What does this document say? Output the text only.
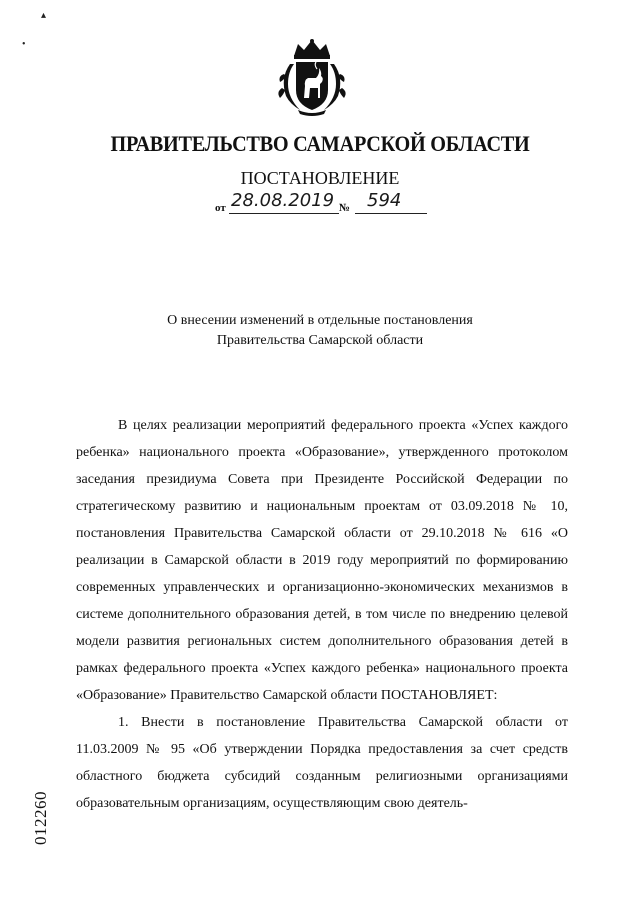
▴
•
ПРАВИТЕЛЬСТВО САМАРСКОЙ ОБЛАСТИ
ПОСТАНОВЛЕНИЕ
от 28.08.2019 № 594
О внесении изменений в отдельные постановления
Правительства Самарской области

В целях реализации мероприятий федерального проекта «Успех каждого ребенка» национального проекта «Образование», утвержденного протоколом заседания президиума Совета при Президенте Российской Федерации по стратегическому развитию и национальным проектам от 03.09.2018 № 10, постановления Правительства Самарской области от 29.10.2018 № 616 «О реализации в Самарской области в 2019 году мероприятий по формированию современных управленческих и организационно-экономических механизмов в системе дополнительного образования детей, в том числе по внедрению целевой модели развития региональных систем дополнительного образования детей в рамках федерального проекта «Успех каждого ребенка» национального проекта «Образование» Правительство Самарской области ПОСТАНОВЛЯЕТ:

1. Внести в постановление Правительства Самарской области от 11.03.2009 № 95 «Об утверждении Порядка предоставления за счет средств областного бюджета субсидий созданным религиозными организациями образовательным организациям, осуществляющим свою деятель-

012260
